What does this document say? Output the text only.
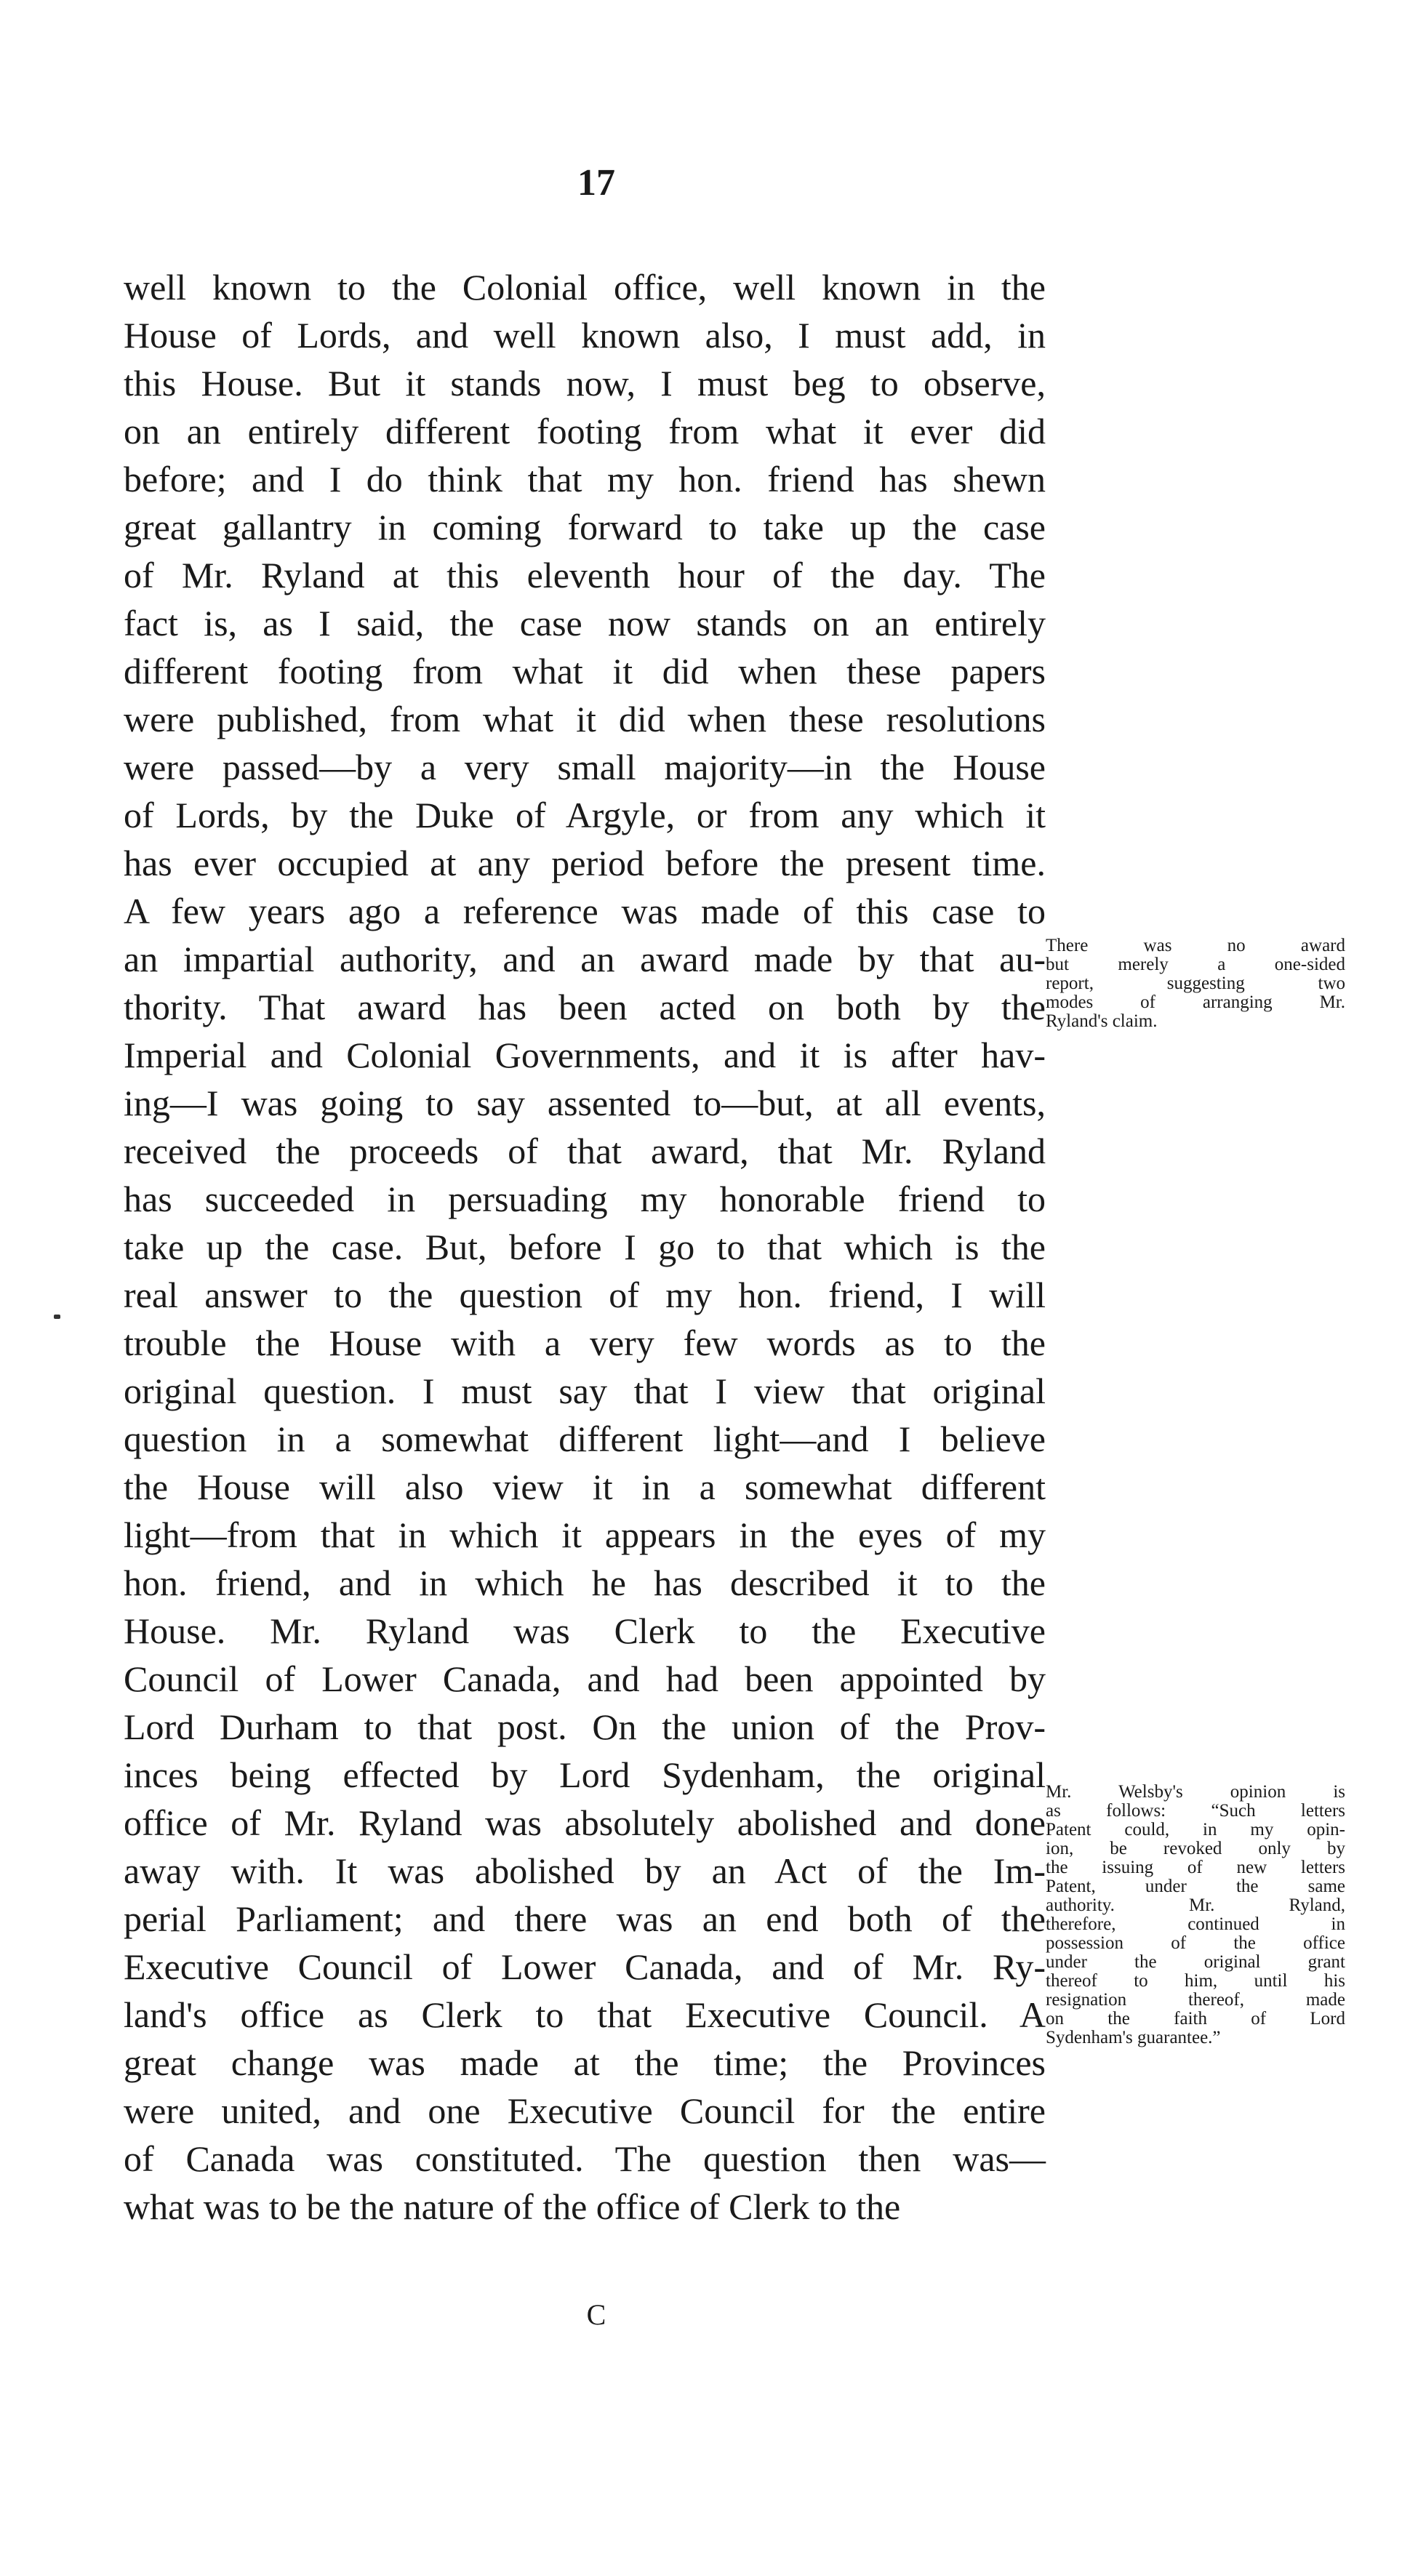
17
well known to the Colonial office, well known in the
House of Lords, and well known also, I must add, in
this House. But it stands now, I must beg to observe,
on an entirely different footing from what it ever did
before; and I do think that my hon. friend has shewn
great gallantry in coming forward to take up the case
of Mr. Ryland at this eleventh hour of the day. The
fact is, as I said, the case now stands on an entirely
different footing from what it did when these papers
were published, from what it did when these resolutions
were passed—by a very small majority—in the House
of Lords, by the Duke of Argyle, or from any which it
has ever occupied at any period before the present time.
A few years ago a reference was made of this case to
an impartial authority, and an award made by that au-
thority. That award has been acted on both by the
Imperial and Colonial Governments, and it is after hav-
ing—I was going to say assented to—but, at all events,
received the proceeds of that award, that Mr. Ryland
has succeeded in persuading my honorable friend to
take up the case. But, before I go to that which is the
real answer to the question of my hon. friend, I will
trouble the House with a very few words as to the
original question. I must say that I view that original
question in a somewhat different light—and I believe
the House will also view it in a somewhat different
light—from that in which it appears in the eyes of my
hon. friend, and in which he has described it to the
House. Mr. Ryland was Clerk to the Executive
Council of Lower Canada, and had been appointed by
Lord Durham to that post. On the union of the Prov-
inces being effected by Lord Sydenham, the original
office of Mr. Ryland was absolutely abolished and done
away with. It was abolished by an Act of the Im-
perial Parliament; and there was an end both of the
Executive Council of Lower Canada, and of Mr. Ry-
land's office as Clerk to that Executive Council. A
great change was made at the time; the Provinces
were united, and one Executive Council for the entire
of Canada was constituted. The question then was—
what was to be the nature of the office of Clerk to the
There was no award
but merely a one-sided
report, suggesting two
modes of arranging Mr.
Ryland's claim.
Mr. Welsby's opinion is
as follows: “Such letters
Patent could, in my opin-
ion, be revoked only by
the issuing of new letters
Patent, under the same
authority. Mr. Ryland,
therefore, continued in
possession of the office
under the original grant
thereof to him, until his
resignation thereof, made
on the faith of Lord
Sydenham's guarantee.”
C
